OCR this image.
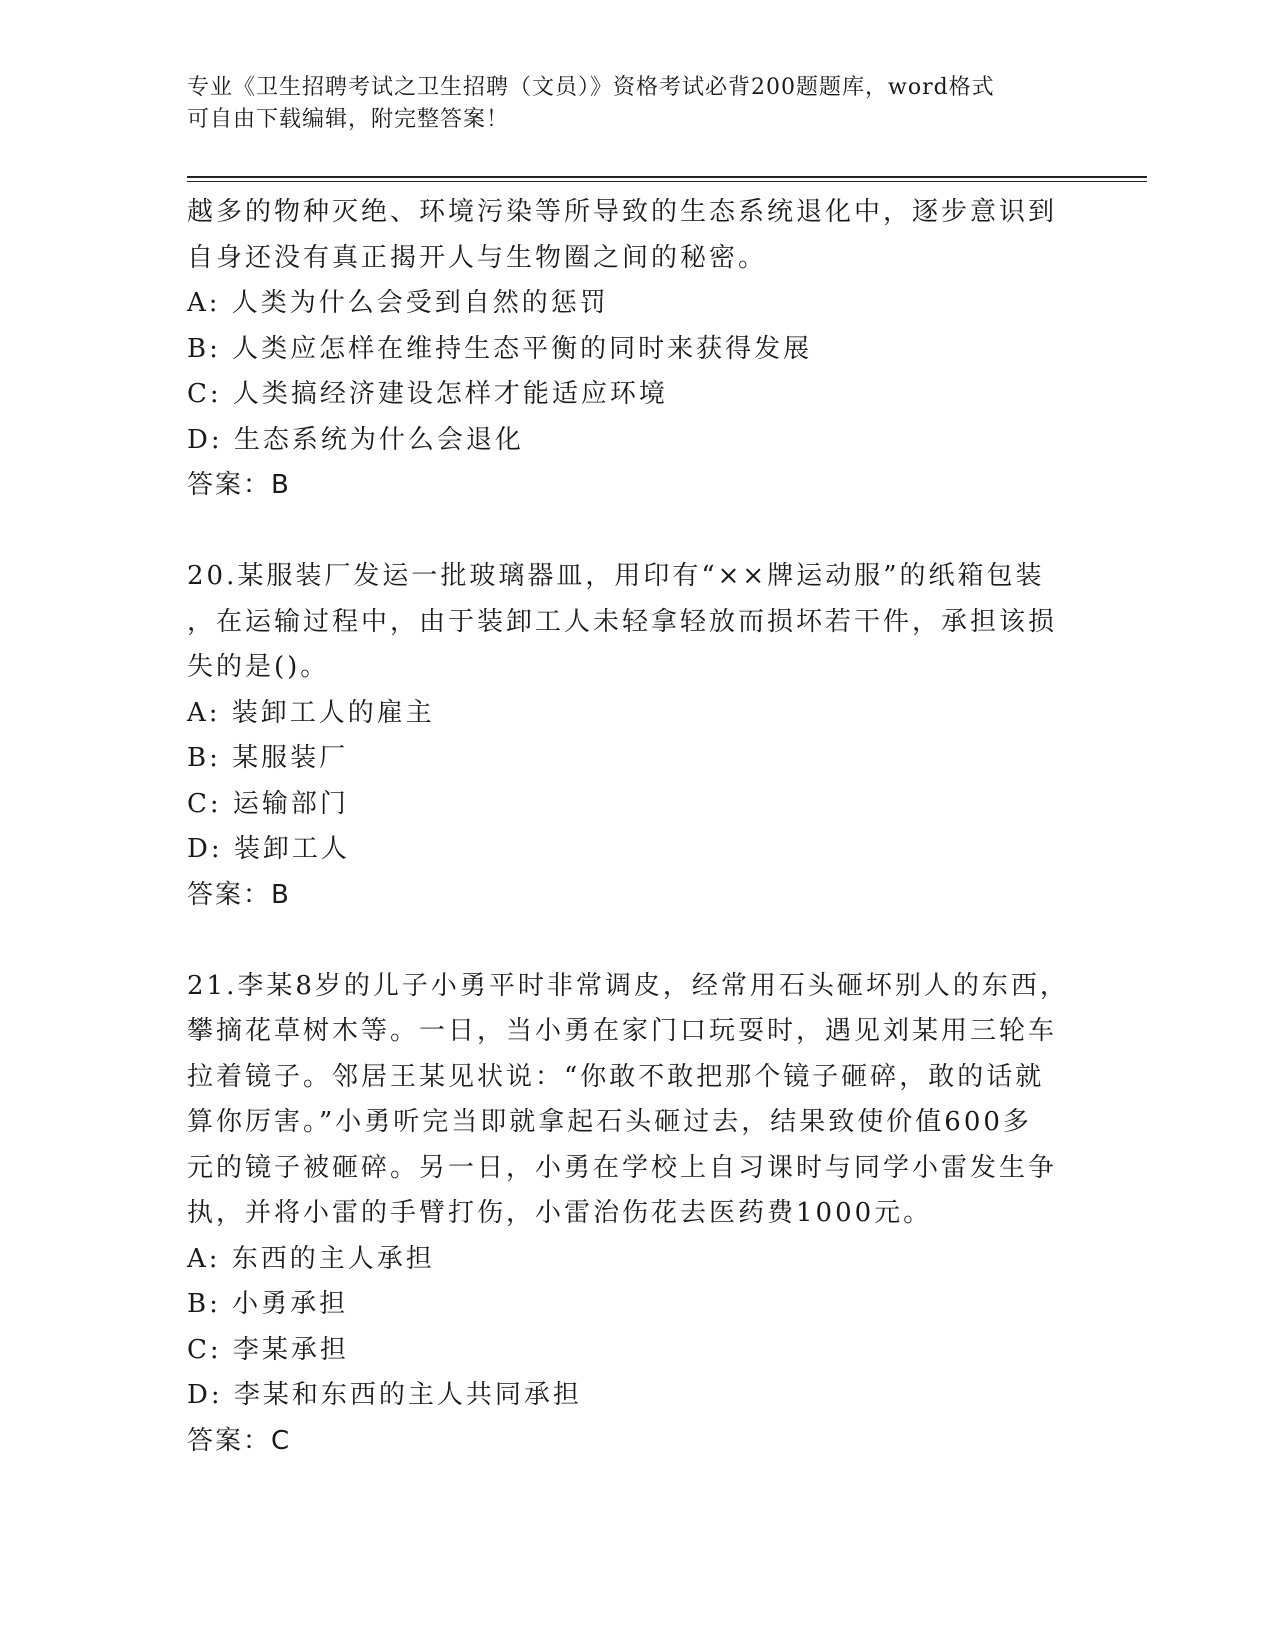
专业《卫生招聘考试之卫生招聘（文员）》资格考试必背200题题库，word格式
可自由下载编辑，附完整答案！
越多的物种灭绝、环境污染等所导致的生态系统退化中，逐步意识到
自身还没有真正揭开人与生物圈之间的秘密。
A: 人类为什么会受到自然的惩罚
B: 人类应怎样在维持生态平衡的同时来获得发展
C: 人类搞经济建设怎样才能适应环境
D: 生态系统为什么会退化
答案：B
20.某服装厂发运一批玻璃器皿，用印有“××牌运动服”的纸箱包装
，在运输过程中，由于装卸工人未轻拿轻放而损坏若干件，承担该损
失的是()。
A: 装卸工人的雇主
B: 某服装厂
C: 运输部门
D: 装卸工人
答案：B
21.李某8岁的儿子小勇平时非常调皮，经常用石头砸坏别人的东西，
攀摘花草树木等。一日，当小勇在家门口玩耍时，遇见刘某用三轮车
拉着镜子。邻居王某见状说：“你敢不敢把那个镜子砸碎，敢的话就
算你厉害。”小勇听完当即就拿起石头砸过去，结果致使价值600多
元的镜子被砸碎。另一日，小勇在学校上自习课时与同学小雷发生争
执，并将小雷的手臂打伤，小雷治伤花去医药费1000元。
A: 东西的主人承担
B: 小勇承担
C: 李某承担
D: 李某和东西的主人共同承担
答案：C
